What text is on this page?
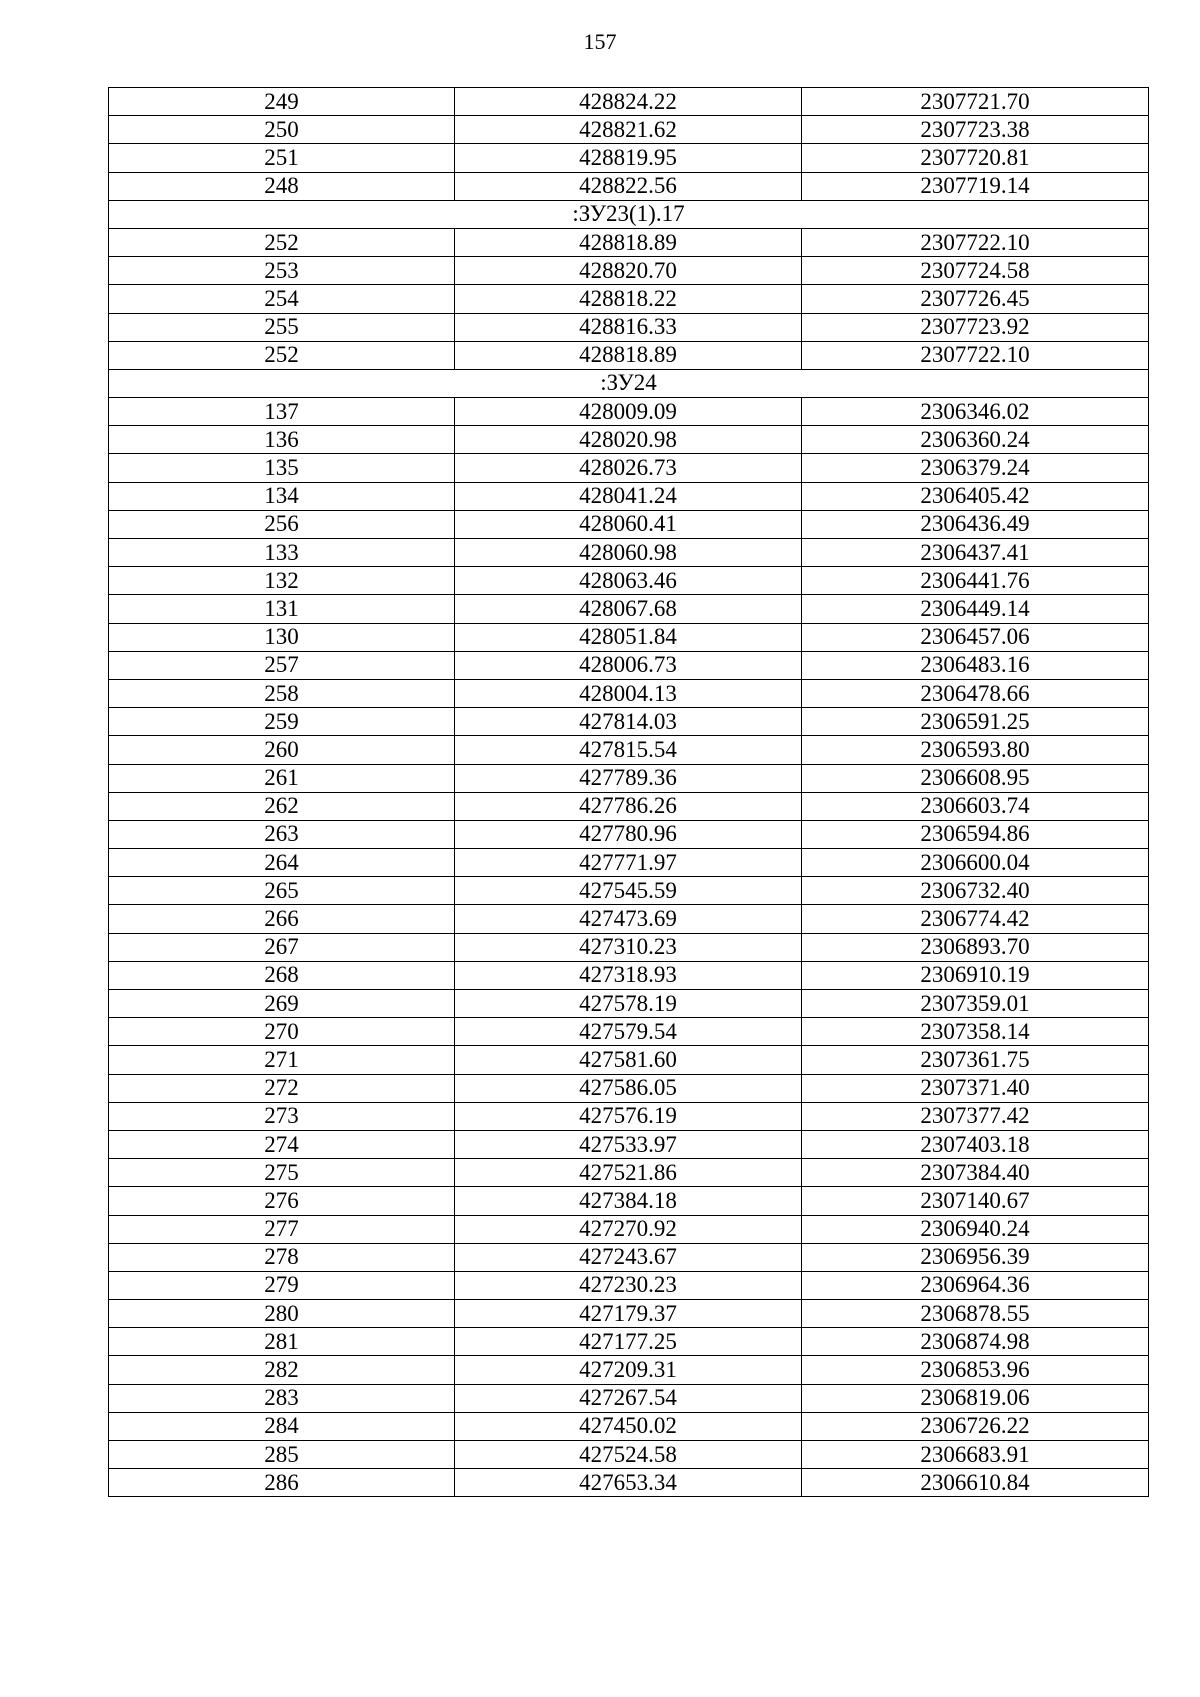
157
249	428824.22	2307721.70
250	428821.62	2307723.38
251	428819.95	2307720.81
248	428822.56	2307719.14
:ЗУ23(1).17		
252	428818.89	2307722.10
253	428820.70	2307724.58
254	428818.22	2307726.45
255	428816.33	2307723.92
252	428818.89	2307722.10
:ЗУ24		
137	428009.09	2306346.02
136	428020.98	2306360.24
135	428026.73	2306379.24
134	428041.24	2306405.42
256	428060.41	2306436.49
133	428060.98	2306437.41
132	428063.46	2306441.76
131	428067.68	2306449.14
130	428051.84	2306457.06
257	428006.73	2306483.16
258	428004.13	2306478.66
259	427814.03	2306591.25
260	427815.54	2306593.80
261	427789.36	2306608.95
262	427786.26	2306603.74
263	427780.96	2306594.86
264	427771.97	2306600.04
265	427545.59	2306732.40
266	427473.69	2306774.42
267	427310.23	2306893.70
268	427318.93	2306910.19
269	427578.19	2307359.01
270	427579.54	2307358.14
271	427581.60	2307361.75
272	427586.05	2307371.40
273	427576.19	2307377.42
274	427533.97	2307403.18
275	427521.86	2307384.40
276	427384.18	2307140.67
277	427270.92	2306940.24
278	427243.67	2306956.39
279	427230.23	2306964.36
280	427179.37	2306878.55
281	427177.25	2306874.98
282	427209.31	2306853.96
283	427267.54	2306819.06
284	427450.02	2306726.22
285	427524.58	2306683.91
286	427653.34	2306610.84
